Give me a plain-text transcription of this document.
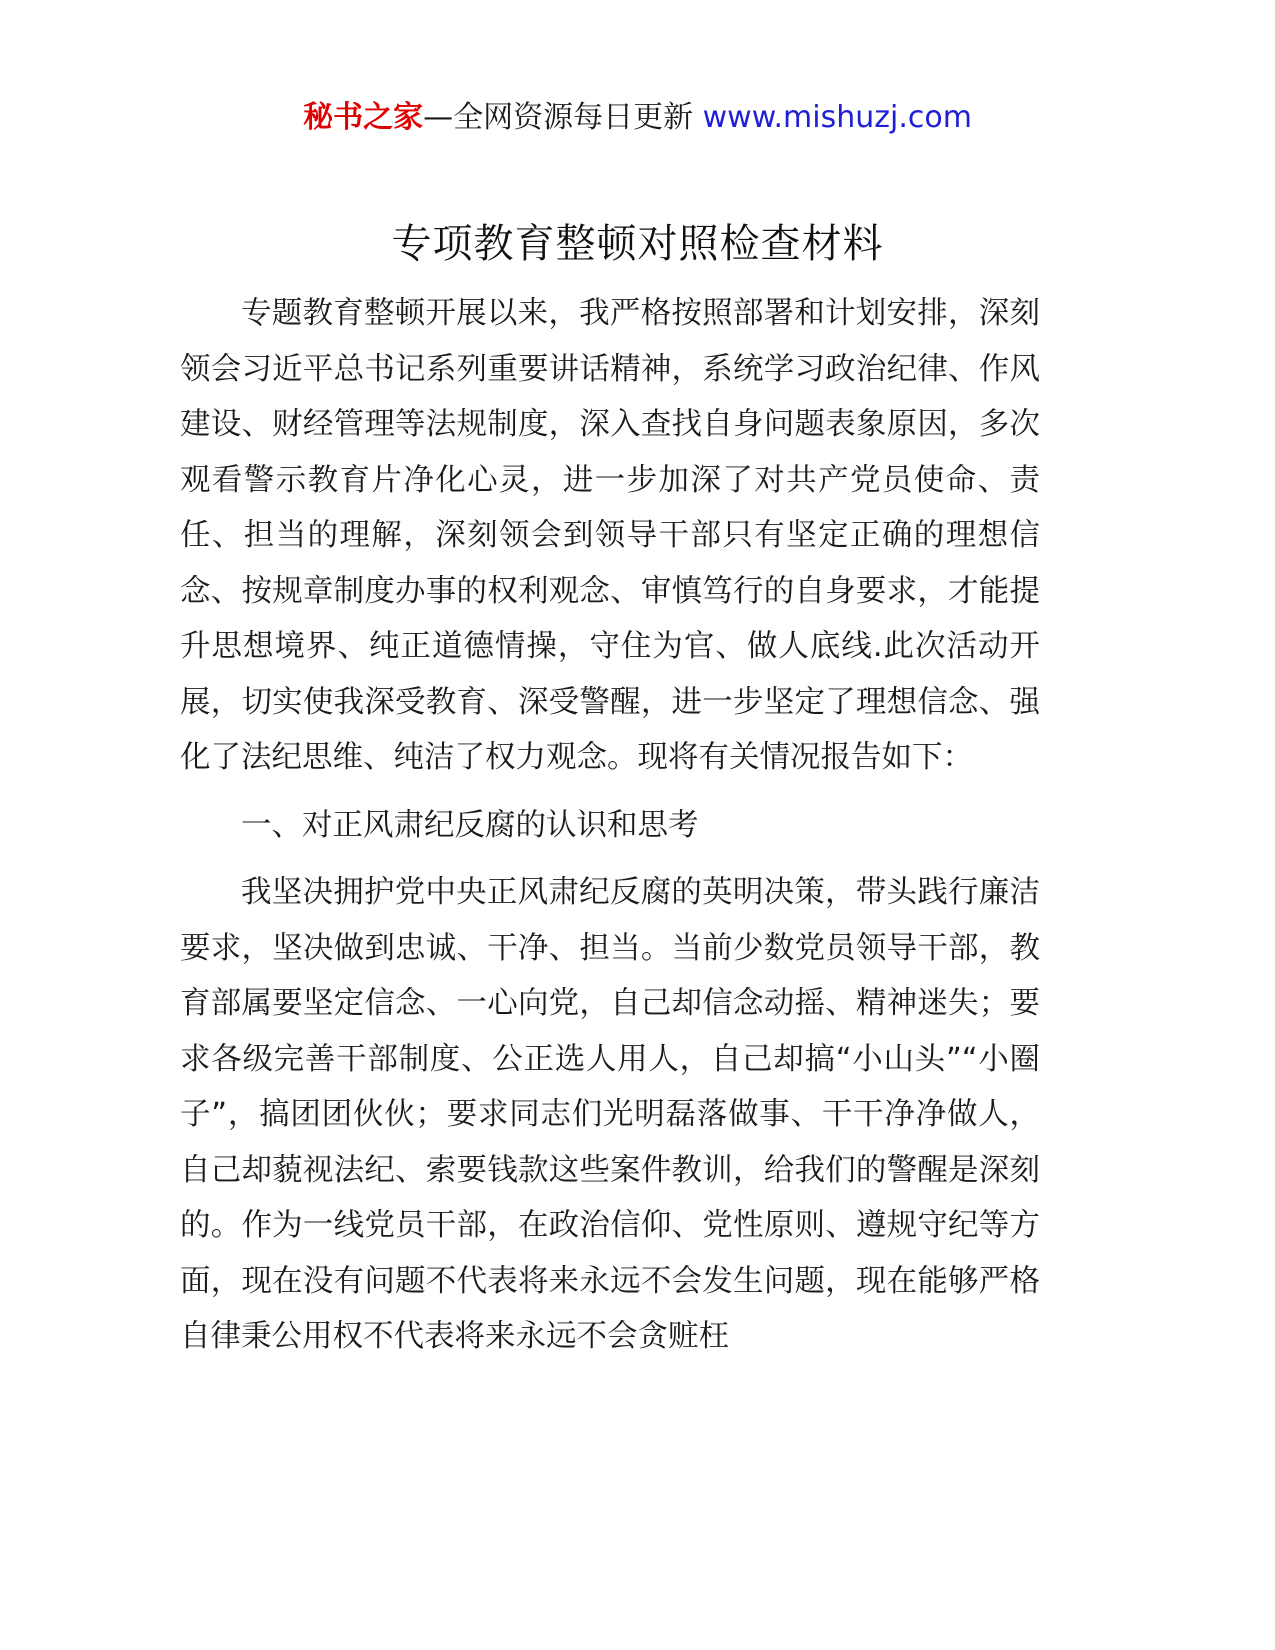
秘书之家—全网资源每日更新 www.mishuzj.com
专项教育整顿对照检查材料

专题教育整顿开展以来，我严格按照部署和计划安排，深刻领会习近平总书记系列重要讲话精神，系统学习政治纪律、作风建设、财经管理等法规制度，深入查找自身问题表象原因，多次观看警示教育片净化心灵，进一步加深了对共产党员使命、责任、担当的理解，深刻领会到领导干部只有坚定正确的理想信念、按规章制度办事的权利观念、审慎笃行的自身要求，才能提升思想境界、纯正道德情操，守住为官、做人底线.此次活动开展，切实使我深受教育、深受警醒，进一步坚定了理想信念、强化了法纪思维、纯洁了权力观念。现将有关情况报告如下：

一、对正风肃纪反腐的认识和思考

我坚决拥护党中央正风肃纪反腐的英明决策，带头践行廉洁要求，坚决做到忠诚、干净、担当。当前少数党员领导干部，教育部属要坚定信念、一心向党，自己却信念动摇、精神迷失；要求各级完善干部制度、公正选人用人，自己却搞“小山头”“小圈子”，搞团团伙伙；要求同志们光明磊落做事、干干净净做人，自己却藐视法纪、索要钱款这些案件教训，给我们的警醒是深刻的。作为一线党员干部，在政治信仰、党性原则、遵规守纪等方面，现在没有问题不代表将来永远不会发生问题，现在能够严格自律秉公用权不代表将来永远不会贪赃枉
